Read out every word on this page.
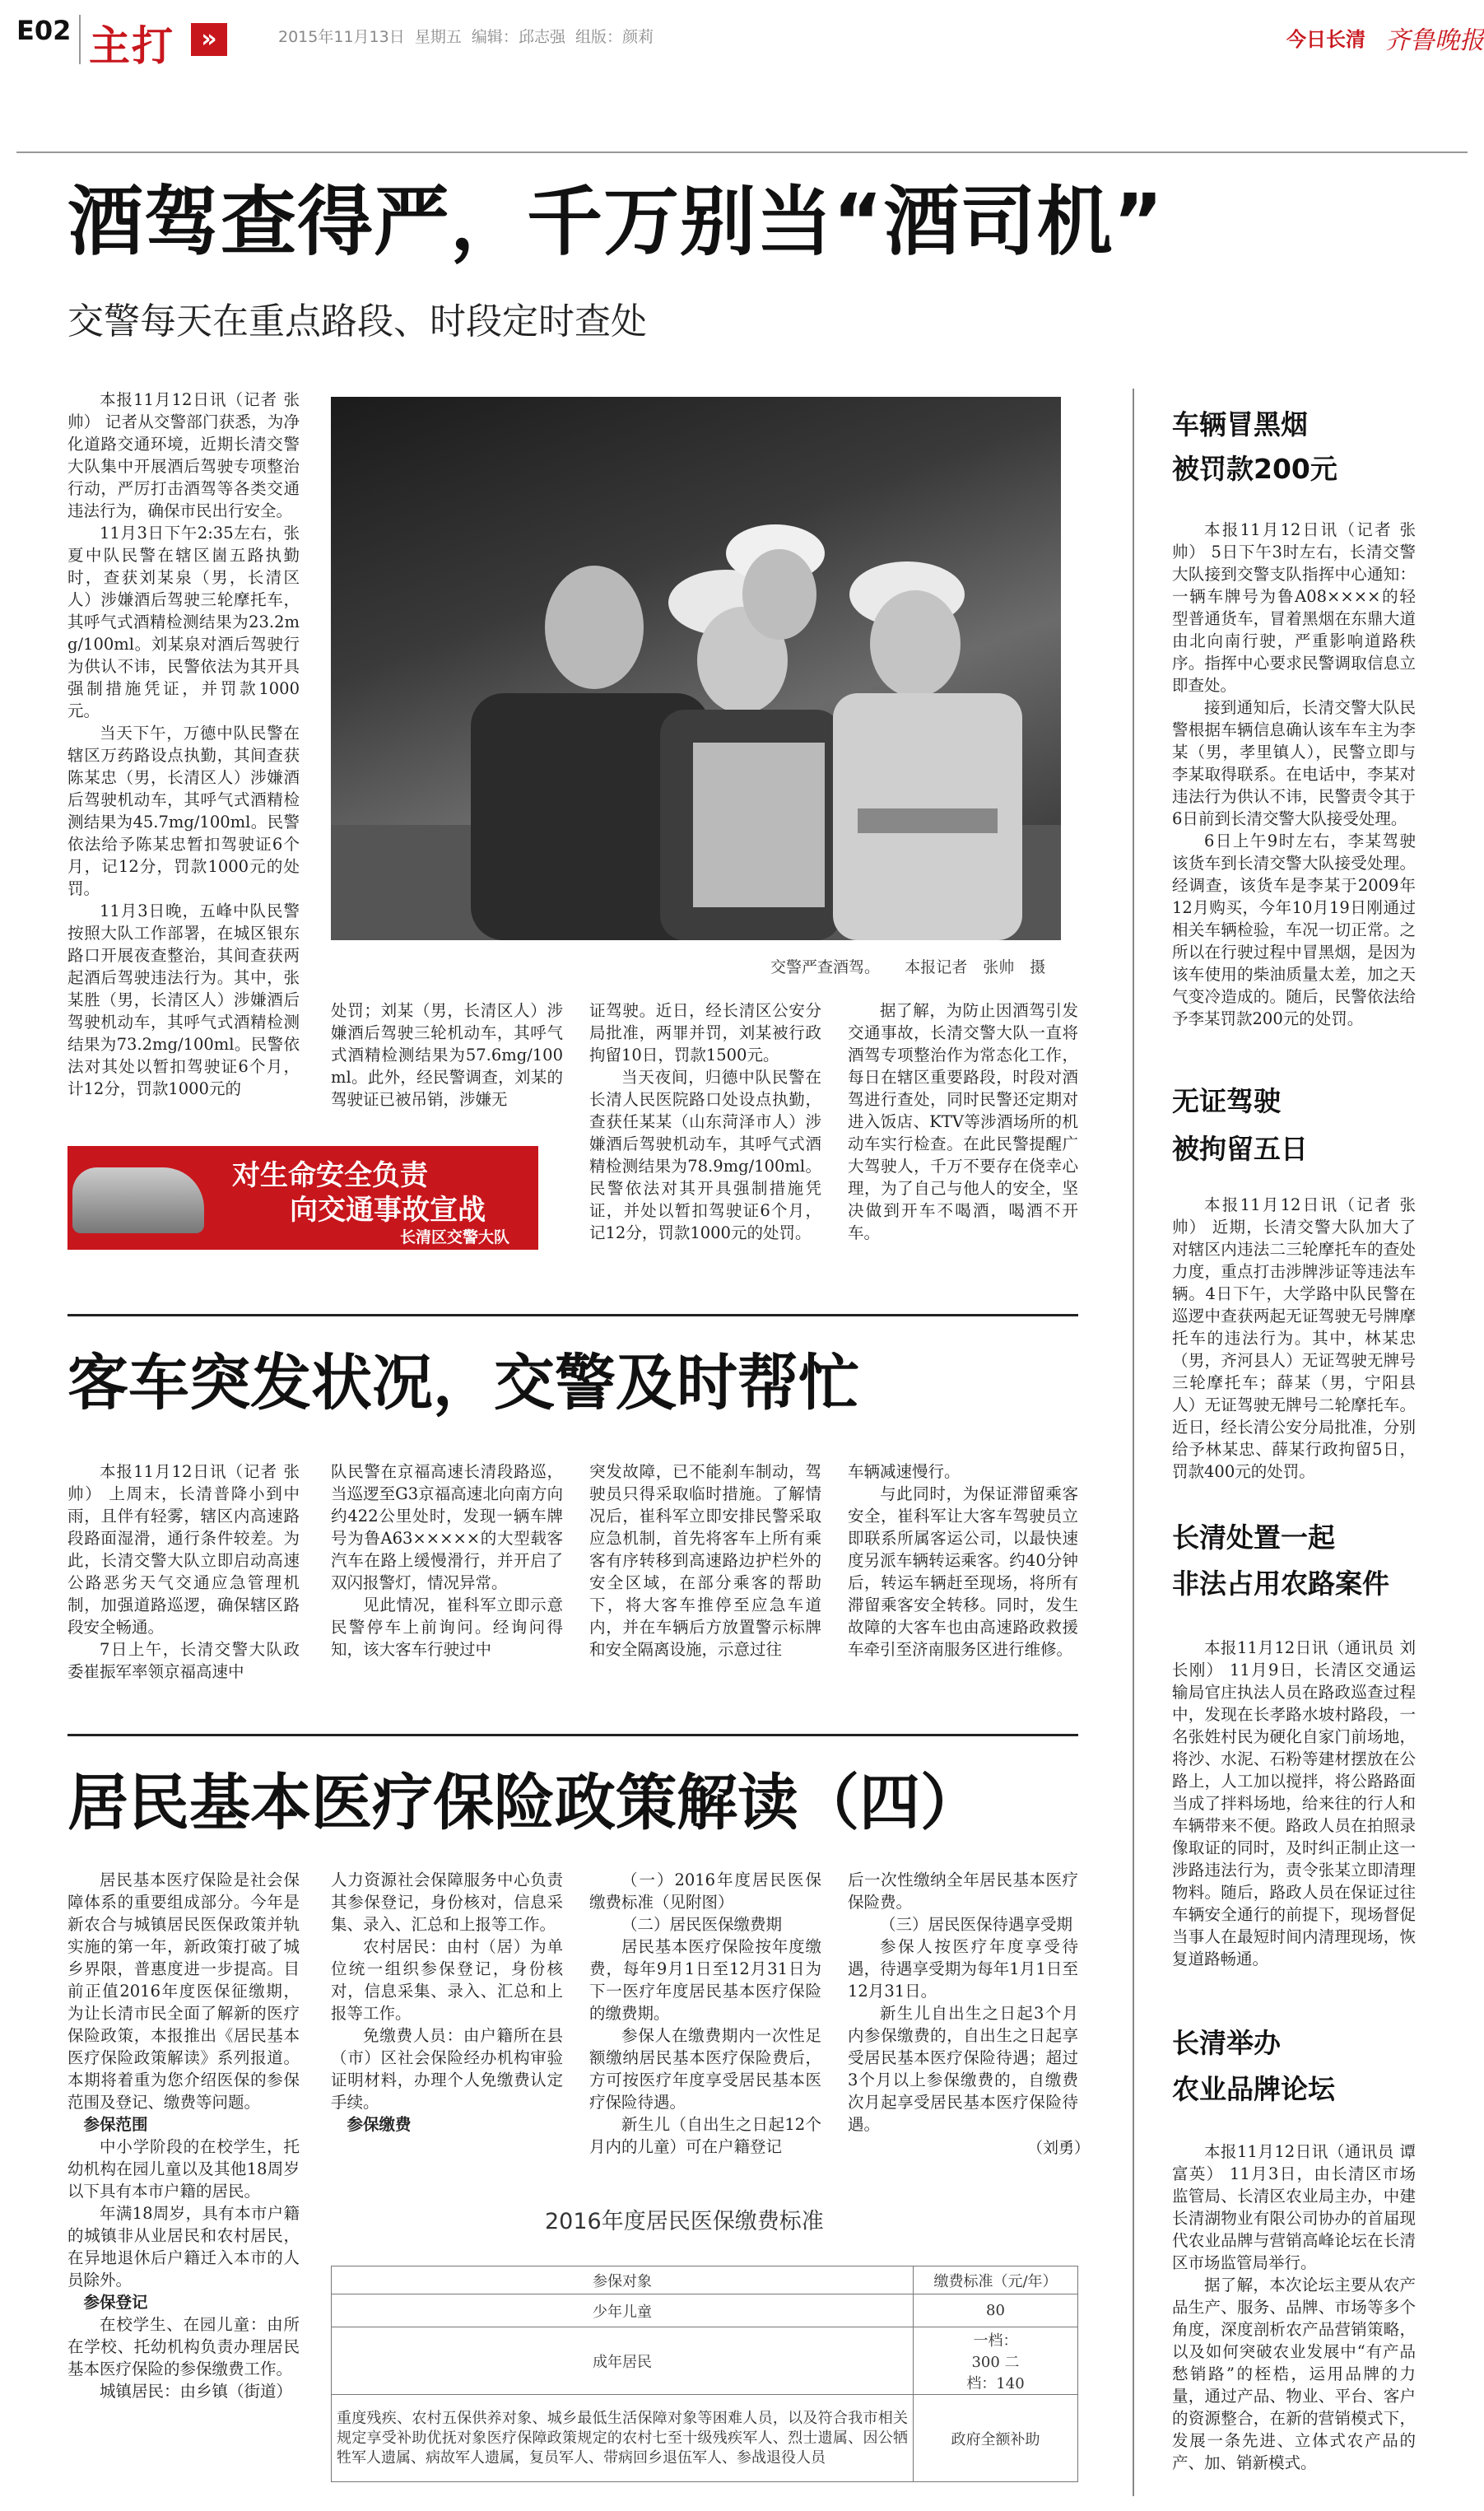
E02 主打	»	2015年11月13日 星期五 编辑：邱志强 组版：颜莉	今日长清 齐鲁晚报
酒驾查得严，千万别当“酒司机”
交警每天在重点路段、时段定时查处

本报11月12日讯（记者 张帅） 记者从交警部门获悉，为净化道路交通环境，近期长清交警大队集中开展酒后驾驶专项整治行动，严厉打击酒驾等各类交通违法行为，确保市民出行安全。

11月3日下午2:35左右，张夏中队民警在辖区崮五路执勤时，查获刘某泉（男，长清区人）涉嫌酒后驾驶三轮摩托车，其呼气式酒精检测结果为23.2mg/100ml。刘某泉对酒后驾驶行为供认不讳，民警依法为其开具强制措施凭证，并罚款1000元。

当天下午，万德中队民警在辖区万药路设点执勤，其间查获陈某忠（男，长清区人）涉嫌酒后驾驶机动车，其呼气式酒精检测结果为45.7mg/100ml。民警依法给予陈某忠暂扣驾驶证6个月，记12分，罚款1000元的处罚。

11月3日晚，五峰中队民警按照大队工作部署，在城区银东路口开展夜查整治，其间查获两起酒后驾驶违法行为。其中，张某胜（男，长清区人）涉嫌酒后驾驶机动车，其呼气式酒精检测结果为73.2mg/100ml。民警依法对其处以暂扣驾驶证6个月，计12分，罚款1000元的

交警严查酒驾。 本报记者　张帅　摄

处罚；刘某（男，长清区人）涉嫌酒后驾驶三轮机动车，其呼气式酒精检测结果为57.6mg/100ml。此外，经民警调查，刘某的驾驶证已被吊销，涉嫌无

证驾驶。近日，经长清区公安分局批准，两罪并罚，刘某被行政拘留10日，罚款1500元。

当天夜间，归德中队民警在长清人民医院路口处设点执勤，查获任某某（山东菏泽市人）涉嫌酒后驾驶机动车，其呼气式酒精检测结果为78.9mg/100ml。民警依法对其开具强制措施凭证，并处以暂扣驾驶证6个月，记12分，罚款1000元的处罚。

据了解，为防止因酒驾引发交通事故，长清交警大队一直将酒驾专项整治作为常态化工作，每日在辖区重要路段，时段对酒驾进行查处，同时民警还定期对进入饭店、KTV等涉酒场所的机动车实行检查。在此民警提醒广大驾驶人，千万不要存在侥幸心理，为了自己与他人的安全，坚决做到开车不喝酒，喝酒不开车。

对生命安全负责
向交通事故宣战
长清区交警大队
客车突发状况，交警及时帮忙

本报11月12日讯（记者 张帅） 上周末，长清普降小到中雨，且伴有轻雾，辖区内高速路段路面湿滑，通行条件较差。为此，长清交警大队立即启动高速公路恶劣天气交通应急管理机制，加强道路巡逻，确保辖区路段安全畅通。

7日上午，长清交警大队政委崔振军率领京福高速中

队民警在京福高速长清段路巡，当巡逻至G3京福高速北向南方向约422公里处时，发现一辆车牌号为鲁A63×××××的大型载客汽车在路上缓慢滑行，并开启了双闪报警灯，情况异常。

见此情况，崔科军立即示意民警停车上前询问。经询问得知，该大客车行驶过中

突发故障，已不能刹车制动，驾驶员只得采取临时措施。了解情况后，崔科军立即安排民警采取应急机制，首先将客车上所有乘客有序转移到高速路边护栏外的安全区域，在部分乘客的帮助下，将大客车推停至应急车道内，并在车辆后方放置警示标牌和安全隔离设施，示意过往

车辆减速慢行。

与此同时，为保证滞留乘客安全，崔科军让大客车驾驶员立即联系所属客运公司，以最快速度另派车辆转运乘客。约40分钟后，转运车辆赶至现场，将所有滞留乘客安全转移。同时，发生故障的大客车也由高速路政救援车牵引至济南服务区进行维修。

居民基本医疗保险政策解读（四）

居民基本医疗保险是社会保障体系的重要组成部分。今年是新农合与城镇居民医保政策并轨实施的第一年，新政策打破了城乡界限，普惠度进一步提高。目前正值2016年度医保征缴期，为让长清市民全面了解新的医疗保险政策，本报推出《居民基本医疗保险政策解读》系列报道。本期将着重为您介绍医保的参保范围及登记、缴费等问题。

参保范围

中小学阶段的在校学生，托幼机构在园儿童以及其他18周岁以下具有本市户籍的居民。

年满18周岁，具有本市户籍的城镇非从业居民和农村居民，在异地退休后户籍迁入本市的人员除外。

参保登记

在校学生、在园儿童：由所在学校、托幼机构负责办理居民基本医疗保险的参保缴费工作。

城镇居民：由乡镇（街道）

人力资源社会保障服务中心负责其参保登记，身份核对，信息采集、录入、汇总和上报等工作。

农村居民：由村（居）为单位统一组织参保登记，身份核对，信息采集、录入、汇总和上报等工作。

免缴费人员：由户籍所在县（市）区社会保险经办机构审验证明材料，办理个人免缴费认定手续。

参保缴费

（一）2016年度居民医保缴费标准（见附图）

（二）居民医保缴费期

居民基本医疗保险按年度缴费，每年9月1日至12月31日为下一医疗年度居民基本医疗保险的缴费期。

参保人在缴费期内一次性足额缴纳居民基本医疗保险费后，方可按医疗年度享受居民基本医疗保险待遇。

新生儿（自出生之日起12个月内的儿童）可在户籍登记

后一次性缴纳全年居民基本医疗保险费。

（三）居民医保待遇享受期

参保人按医疗年度享受待遇，待遇享受期为每年1月1日至12月31日。

新生儿自出生之日起3个月内参保缴费的，自出生之日起享受居民基本医疗保险待遇；超过3个月以上参保缴费的，自缴费次月起享受居民基本医疗保险待遇。

（刘勇）
2016年度居民医保缴费标准
参保对象	缴费标准（元/年）
少年儿童	80
成年居民	一档：300 二档：140
重度残疾、农村五保供养对象、城乡最低生活保障对象等困难人员，以及符合我市相关规定享受补助优抚对象医疗保障政策规定的农村七至十级残疾军人、烈士遗属、因公牺牲军人遗属、病故军人遗属，复员军人、带病回乡退伍军人、参战退役人员	政府全额补助
车辆冒黑烟
被罚款200元

本报11月12日讯（记者 张帅） 5日下午3时左右，长清交警大队接到交警支队指挥中心通知：一辆车牌号为鲁A08××××的轻型普通货车，冒着黑烟在东鼎大道由北向南行驶，严重影响道路秩序。指挥中心要求民警调取信息立即查处。

接到通知后，长清交警大队民警根据车辆信息确认该车车主为李某（男，孝里镇人），民警立即与李某取得联系。在电话中，李某对违法行为供认不讳，民警责令其于6日前到长清交警大队接受处理。

6日上午9时左右，李某驾驶该货车到长清交警大队接受处理。经调查，该货车是李某于2009年12月购买，今年10月19日刚通过相关车辆检验，车况一切正常。之所以在行驶过程中冒黑烟，是因为该车使用的柴油质量太差，加之天气变冷造成的。随后，民警依法给予李某罚款200元的处罚。

无证驾驶
被拘留五日

本报11月12日讯（记者 张帅） 近期，长清交警大队加大了对辖区内违法二三轮摩托车的查处力度，重点打击涉牌涉证等违法车辆。4日下午，大学路中队民警在巡逻中查获两起无证驾驶无号牌摩托车的违法行为。其中，林某忠（男，齐河县人）无证驾驶无牌号三轮摩托车；薛某（男，宁阳县人）无证驾驶无牌号二轮摩托车。近日，经长清公安分局批准，分别给予林某忠、薛某行政拘留5日，罚款400元的处罚。

长清处置一起
非法占用农路案件

本报11月12日讯（通讯员 刘长刚） 11月9日，长清区交通运输局官庄执法人员在路政巡查过程中，发现在长孝路水坡村路段，一名张姓村民为硬化自家门前场地，将沙、水泥、石粉等建材摆放在公路上，人工加以搅拌，将公路路面当成了拌料场地，给来往的行人和车辆带来不便。路政人员在拍照录像取证的同时，及时纠正制止这一涉路违法行为，责令张某立即清理物料。随后，路政人员在保证过往车辆安全通行的前提下，现场督促当事人在最短时间内清理现场，恢复道路畅通。

长清举办
农业品牌论坛

本报11月12日讯（通讯员 谭富英） 11月3日，由长清区市场监管局、长清区农业局主办，中建长清湖物业有限公司协办的首届现代农业品牌与营销高峰论坛在长清区市场监管局举行。

据了解，本次论坛主要从农产品生产、服务、品牌、市场等多个角度，深度剖析农产品营销策略，以及如何突破农业发展中“有产品愁销路”的桎梏，运用品牌的力量，通过产品、物业、平台、客户的资源整合，在新的营销模式下，发展一条先进、立体式农产品的产、加、销新模式。
